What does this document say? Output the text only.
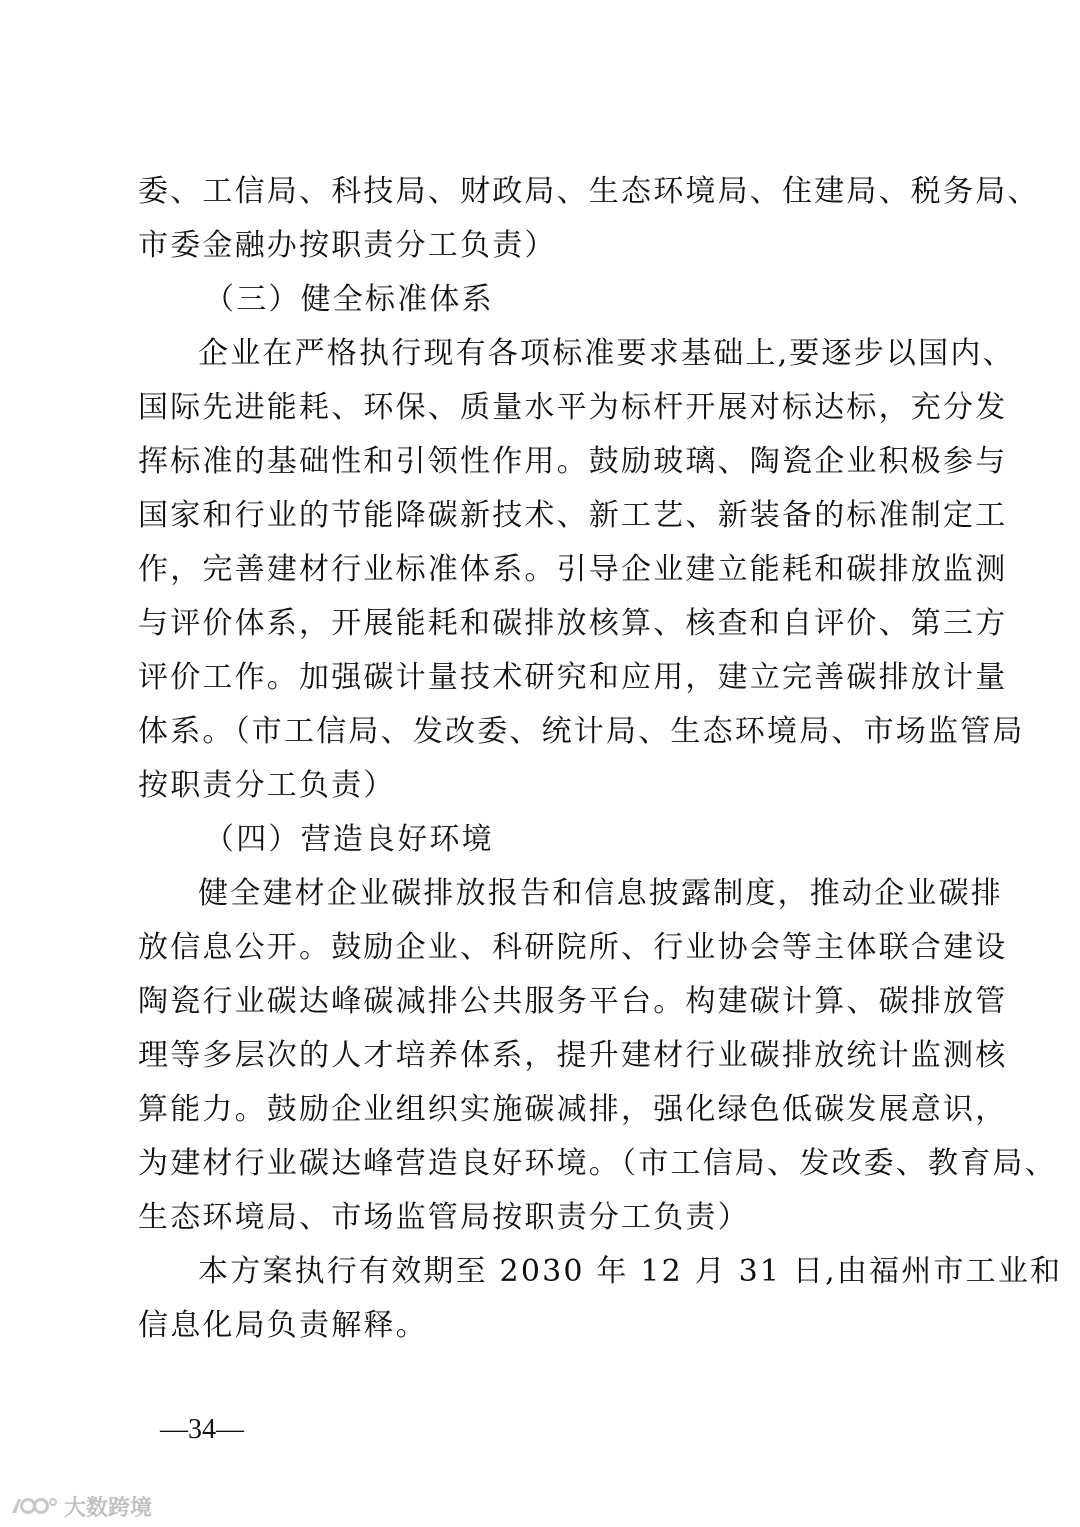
委、工信局、科技局、财政局、生态环境局、住建局、税务局、
市委金融办按职责分工负责）
（三）健全标准体系
企业在严格执行现有各项标准要求基础上,要逐步以国内、
国际先进能耗、环保、质量水平为标杆开展对标达标，充分发
挥标准的基础性和引领性作用。鼓励玻璃、陶瓷企业积极参与
国家和行业的节能降碳新技术、新工艺、新装备的标准制定工
作，完善建材行业标准体系。引导企业建立能耗和碳排放监测
与评价体系，开展能耗和碳排放核算、核查和自评价、第三方
评价工作。加强碳计量技术研究和应用，建立完善碳排放计量
体系。（市工信局、发改委、统计局、生态环境局、市场监管局
按职责分工负责）
（四）营造良好环境
健全建材企业碳排放报告和信息披露制度，推动企业碳排
放信息公开。鼓励企业、科研院所、行业协会等主体联合建设
陶瓷行业碳达峰碳减排公共服务平台。构建碳计算、碳排放管
理等多层次的人才培养体系，提升建材行业碳排放统计监测核
算能力。鼓励企业组织实施碳减排，强化绿色低碳发展意识，
为建材行业碳达峰营造良好环境。（市工信局、发改委、教育局、
生态环境局、市场监管局按职责分工负责）
本方案执行有效期至 2030 年 12 月 31 日,由福州市工业和
信息化局负责解释。
—34—
大数跨境
